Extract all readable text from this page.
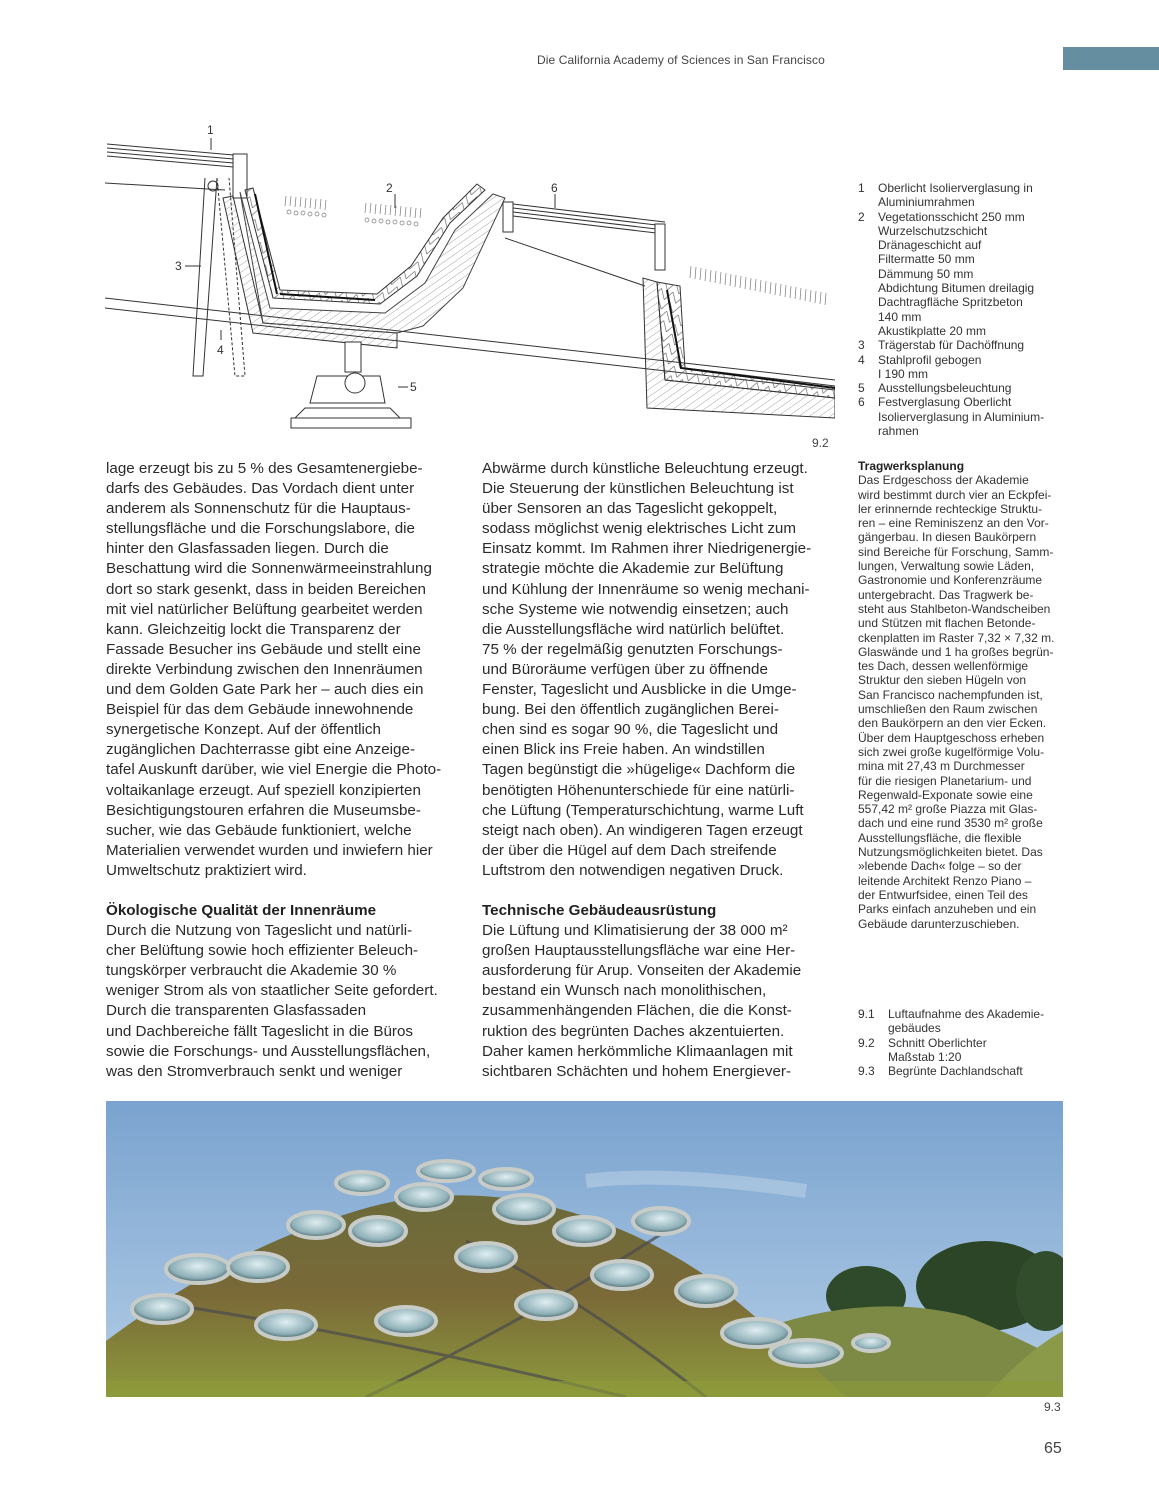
Die California Academy of Sciences in San Francisco
1
2	6
3
4
5
9.2
1	Oberlicht Isolierverglasung in
Aluminiumrahmen
2	Vegetationsschicht 250 mm
Wurzelschutzschicht
Dränageschicht auf
Filtermatte 50 mm
Dämmung 50 mm
Abdichtung Bitumen dreilagig
Dachtragfläche Spritzbeton
140 mm
Akustikplatte 20 mm
3	Trägerstab für Dachöffnung
4	Stahlprofil gebogen
I 190 mm
5	Ausstellungsbeleuchtung
6	Festverglasung Oberlicht
Isolierverglasung in Aluminium-
rahmen

lage erzeugt bis zu 5 % des Gesamtenergiebe-
darfs des Gebäudes. Das Vordach dient unter
anderem als Sonnenschutz für die Hauptaus-
stellungsfläche und die Forschungslabore, die
hinter den Glasfassaden liegen. Durch die
Beschattung wird die Sonnenwärmeeinstrahlung
dort so stark gesenkt, dass in beiden Bereichen
mit viel natürlicher Belüftung gearbeitet werden
kann. Gleichzeitig lockt die Transparenz der
Fassade Besucher ins Gebäude und stellt eine
direkte Verbindung zwischen den Innenräumen
und dem Golden Gate Park her – auch dies ein
Beispiel für das dem Gebäude innewohnende
synergetische Konzept. Auf der öffentlich
zugänglichen Dachterrasse gibt eine Anzeige-
tafel Auskunft darüber, wie viel Energie die Photo-
voltaikanlage erzeugt. Auf speziell konzipierten
Besichtigungstouren erfahren die Museumsbe-
sucher, wie das Gebäude funktioniert, welche
Materialien verwendet wurden und inwiefern hier
Umweltschutz praktiziert wird.

Ökologische Qualität der Innenräume

Durch die Nutzung von Tageslicht und natürli-
cher Belüftung sowie hoch effizienter Beleuch-
tungskörper verbraucht die Akademie 30 %
weniger Strom als von staatlicher Seite gefordert.
Durch die transparenten Glasfassaden
und Dachbereiche fällt Tageslicht in die Büros
sowie die Forschungs- und Ausstellungsflächen,
was den Stromverbrauch senkt und weniger

Abwärme durch künstliche Beleuchtung erzeugt.
Die Steuerung der künstlichen Beleuchtung ist
über Sensoren an das Tageslicht gekoppelt,
sodass möglichst wenig elektrisches Licht zum
Einsatz kommt. Im Rahmen ihrer Niedrigenergie-
strategie möchte die Akademie zur Belüftung
und Kühlung der Innenräume so wenig mechani-
sche Systeme wie notwendig einsetzen; auch
die Ausstellungsfläche wird natürlich belüftet.
75 % der regelmäßig genutzten Forschungs-
und Büroräume verfügen über zu öffnende
Fenster, Tageslicht und Ausblicke in die Umge-
bung. Bei den öffentlich zugänglichen Berei-
chen sind es sogar 90 %, die Tageslicht und
einen Blick ins Freie haben. An windstillen
Tagen begünstigt die »hügelige« Dachform die
benötigten Höhenunterschiede für eine natürli-
che Lüftung (Temperaturschichtung, warme Luft
steigt nach oben). An windigeren Tagen erzeugt
der über die Hügel auf dem Dach streifende
Luftstrom den notwendigen negativen Druck.

Technische Gebäudeausrüstung

Die Lüftung und Klimatisierung der 38 000 m²
großen Hauptausstellungsfläche war eine Her-
ausforderung für Arup. Vonseiten der Akademie
bestand ein Wunsch nach monolithischen,
zusammenhängenden Flächen, die die Konst-
ruktion des begrünten Daches akzentuierten.
Daher kamen herkömmliche Klimaanlagen mit
sichtbaren Schächten und hohem Energiever-

Tragwerksplanung

Das Erdgeschoss der Akademie
wird bestimmt durch vier an Eckpfei-
ler erinnernde rechteckige Struktu-
ren – eine Reminiszenz an den Vor-
gängerbau. In diesen Baukörpern
sind Bereiche für Forschung, Samm-
lungen, Verwaltung sowie Läden,
Gastronomie und Konferenzräume
untergebracht. Das Tragwerk be-
steht aus Stahlbeton-Wandscheiben
und Stützen mit flachen Betonde-
ckenplatten im Raster 7,32 × 7,32 m.
Glaswände und 1 ha großes begrün-
tes Dach, dessen wellenförmige
Struktur den sieben Hügeln von
San Francisco nachempfunden ist,
umschließen den Raum zwischen
den Baukörpern an den vier Ecken.
Über dem Hauptgeschoss erheben
sich zwei große kugelförmige Volu-
mina mit 27,43 m Durchmesser
für die riesigen Planetarium- und
Regenwald-Exponate sowie eine
557,42 m² große Piazza mit Glas-
dach und eine rund 3530 m² große
Ausstellungsfläche, die flexible
Nutzungsmöglichkeiten bietet. Das
»lebende Dach« folge – so der
leitende Architekt Renzo Piano –
der Entwurfsidee, einen Teil des
Parks einfach anzuheben und ein
Gebäude darunterzuschieben.

9.1	Luftaufnahme des Akademie-
gebäudes
9.2	Schnitt Oberlichter
Maßstab 1:20
9.3	Begrünte Dachlandschaft
9.3
65
